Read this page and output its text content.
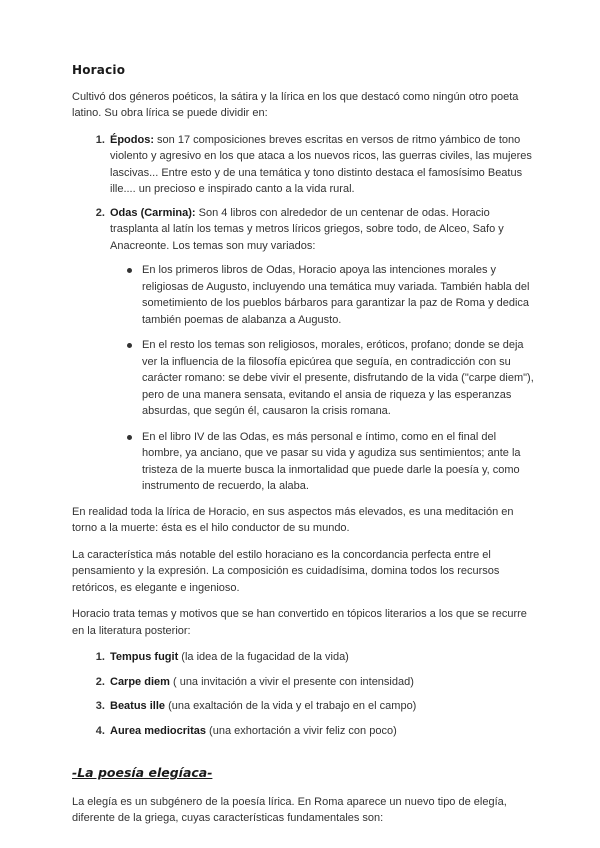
Horacio

Cultivó dos géneros poéticos, la sátira y la lírica en los que destacó como ningún otro poeta latino. Su obra lírica se puede dividir en:

1. Épodos: son 17 composiciones breves escritas en versos de ritmo yámbico de tono violento y agresivo en los que ataca a los nuevos ricos, las guerras civiles, las mujeres lascivas... Entre esto y de una temática y tono distinto destaca el famosísimo Beatus ille.... un precioso e inspirado canto a la vida rural.
2. Odas (Carmina): Son 4 libros con alrededor de un centenar de odas. Horacio trasplanta al latín los temas y metros líricos griegos, sobre todo, de Alceo, Safo y Anacreonte. Los temas son muy variados:
En los primeros libros de Odas, Horacio apoya las intenciones morales y religiosas de Augusto, incluyendo una temática muy variada. También habla del sometimiento de los pueblos bárbaros para garantizar la paz de Roma y dedica también poemas de alabanza a Augusto.
En el resto los temas son religiosos, morales, eróticos, profano; donde se deja ver la influencia de la filosofía epicúrea que seguía, en contradicción con su carácter romano: se debe vivir el presente, disfrutando de la vida ("carpe diem"), pero de una manera sensata, evitando el ansia de riqueza y las esperanzas absurdas, que según él, causaron la crisis romana.
En el libro IV de las Odas, es más personal e íntimo, como en el final del hombre, ya anciano, que ve pasar su vida y agudiza sus sentimientos; ante la tristeza de la muerte busca la inmortalidad que puede darle la poesía y, como instrumento de recuerdo, la alaba.

En realidad toda la lírica de Horacio, en sus aspectos más elevados, es una meditación en torno a la muerte: ésta es el hilo conductor de su mundo.

La característica más notable del estilo horaciano es la concordancia perfecta entre el pensamiento y la expresión. La composición es cuidadísima, domina todos los recursos retóricos, es elegante e ingenioso.

Horacio trata temas y motivos que se han convertido en tópicos literarios a los que se recurre en la literatura posterior:

1. Tempus fugit (la idea de la fugacidad de la vida)
2. Carpe diem ( una invitación a vivir el presente con intensidad)
3. Beatus ille (una exaltación de la vida y el trabajo en el campo)
4. Aurea mediocritas (una exhortación a vivir feliz con poco)
-La poesía elegíaca-

La elegía es un subgénero de la poesía lírica. En Roma aparece un nuevo tipo de elegía, diferente de la griega, cuyas características fundamentales son:
